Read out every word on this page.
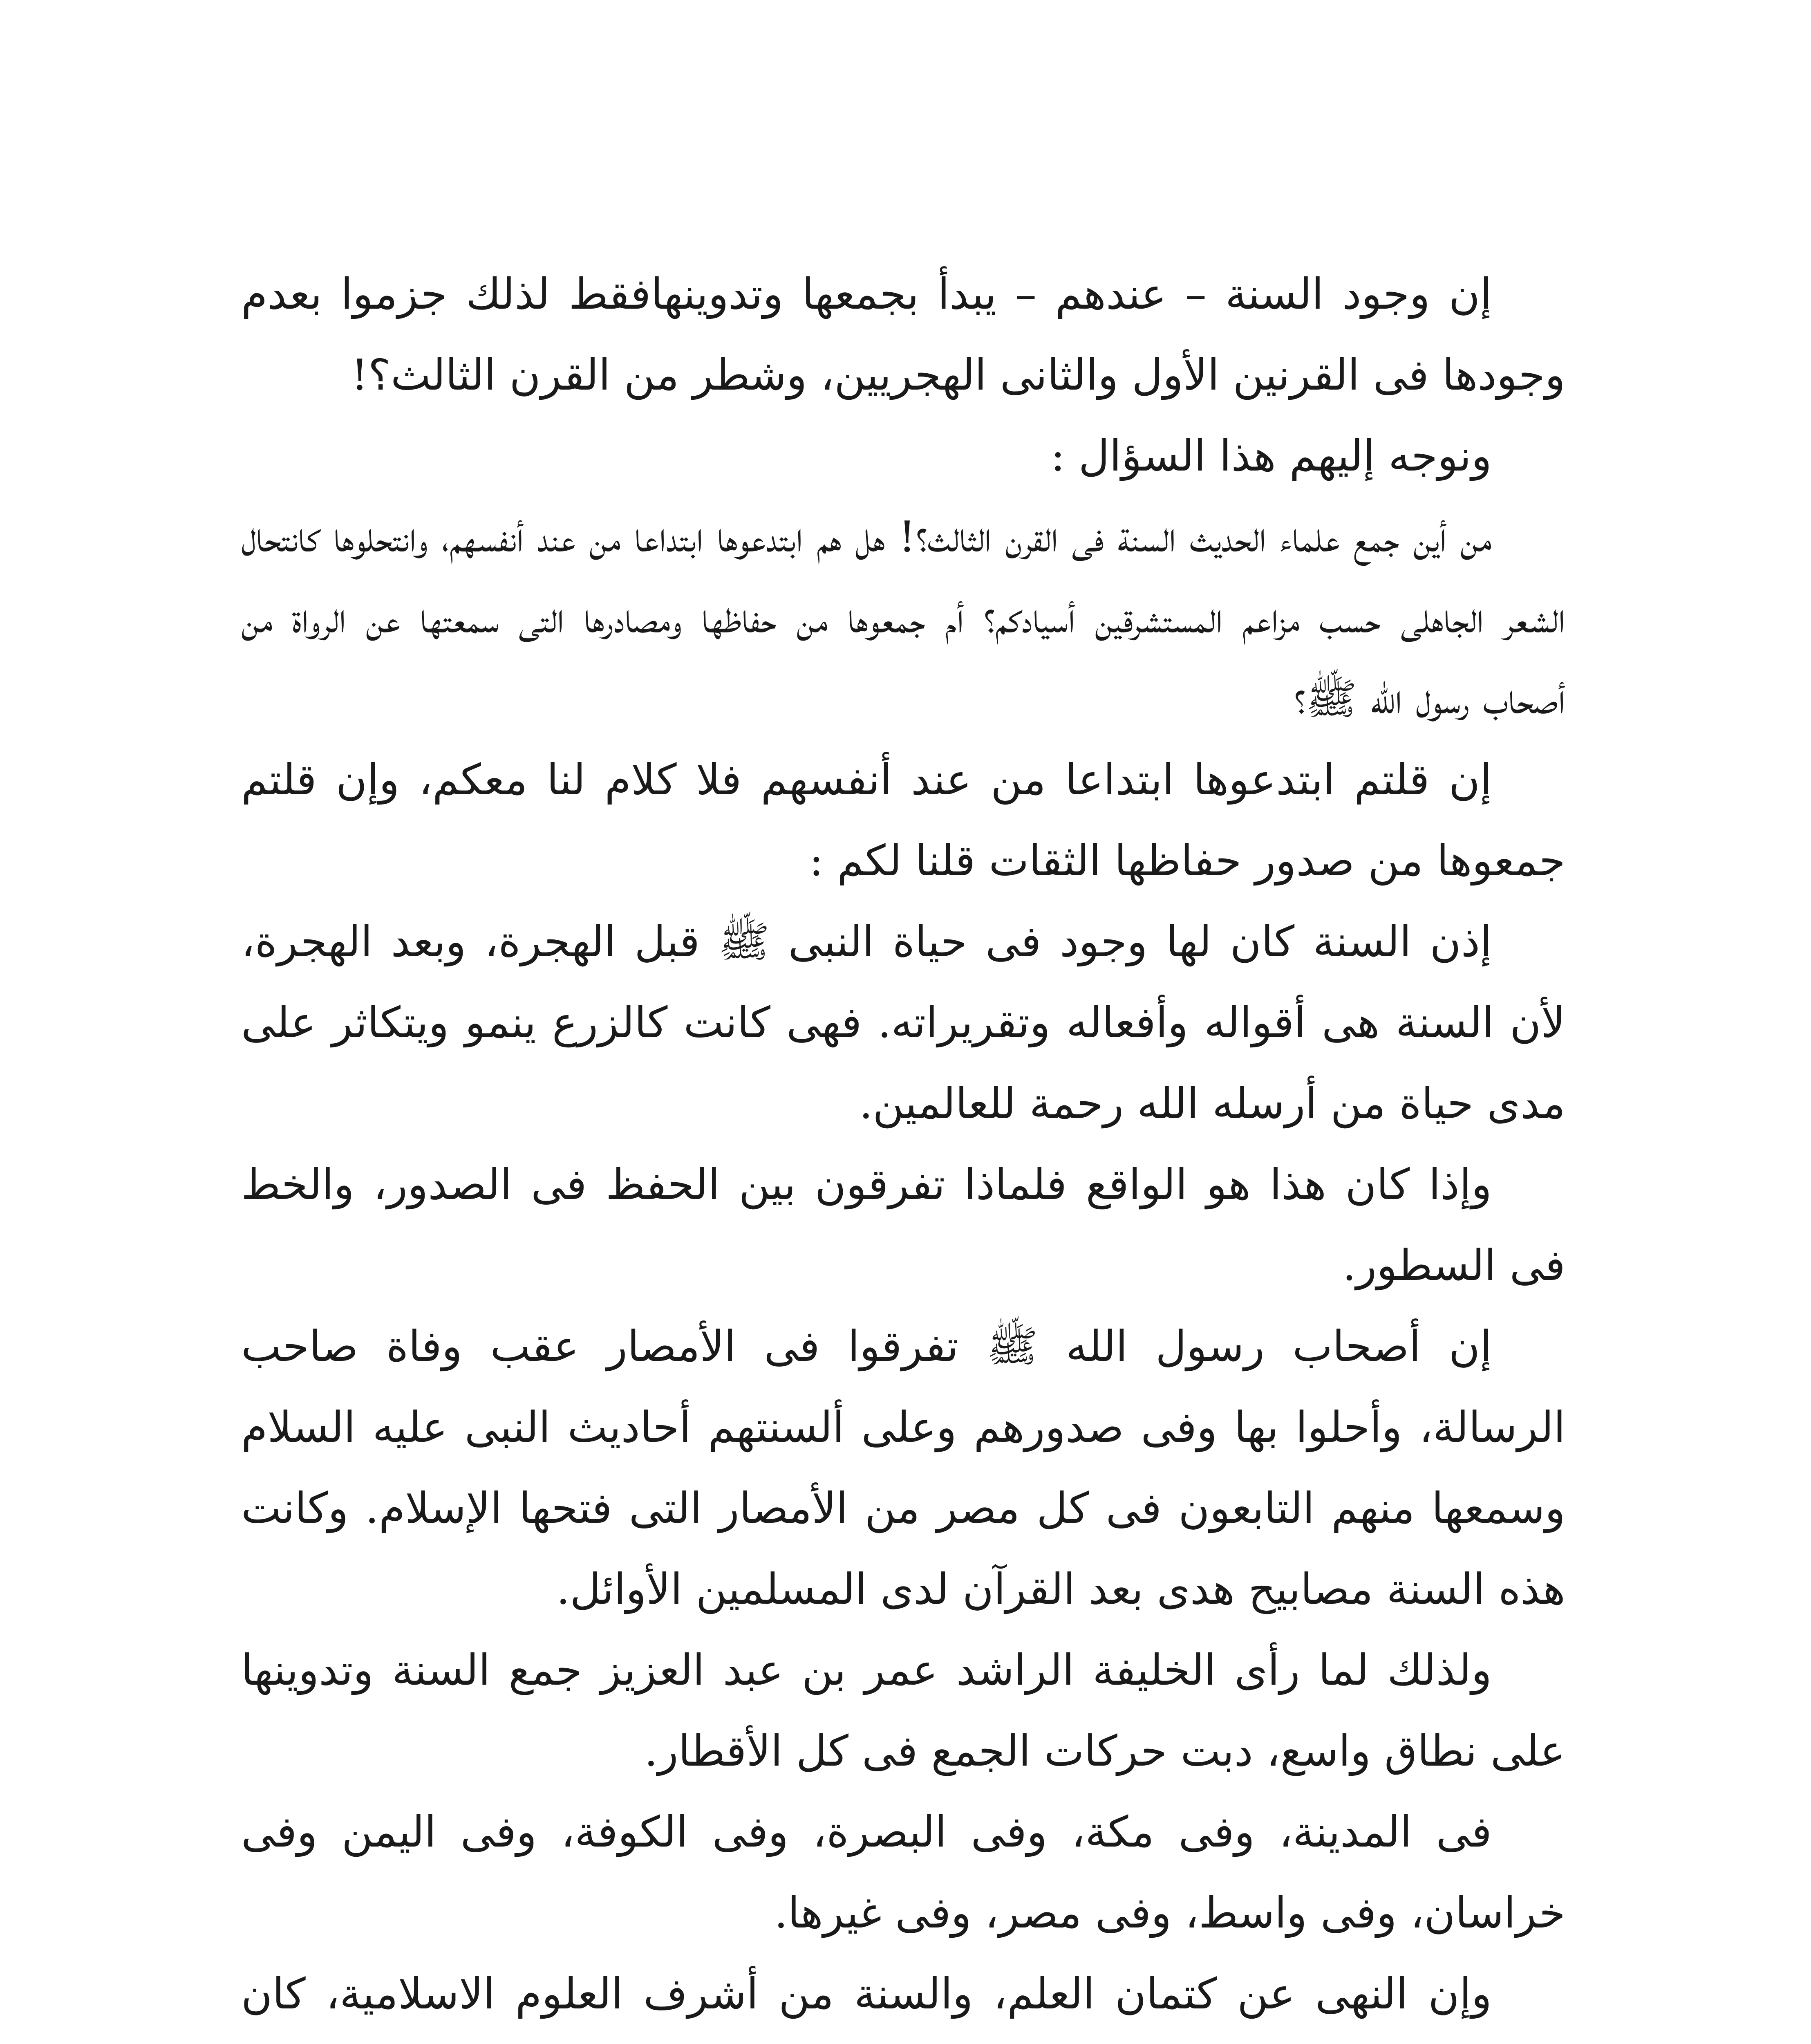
إن وجود السنة – عندهم – يبدأ بجمعها وتدوينهافقط لذلك جزموا بعدم وجودها فى القرنين الأول والثانى الهجريين، وشطر من القرن الثالث؟!

ونوجه إليهم هذا السؤال :

من أين جمع علماء الحديث السنة فى القرن الثالث؟! هل هم ابتدعوها ابتداعا من عند أنفسهم، وانتحلوها كانتحال الشعر الجاهلى حسب مزاعم المستشرقين أسيادكم؟ أم جمعوها من حفاظها ومصادرها التى سمعتها عن الرواة من أصحاب رسول الله ﷺ؟

إن قلتم ابتدعوها ابتداعا من عند أنفسهم فلا كلام لنا معكم، وإن قلتم جمعوها من صدور حفاظها الثقات قلنا لكم :

إذن السنة كان لها وجود فى حياة النبى ﷺ قبل الهجرة، وبعد الهجرة، لأن السنة هى أقواله وأفعاله وتقريراته. فهى كانت كالزرع ينمو ويتكاثر على مدى حياة من أرسله الله رحمة للعالمين.

وإذا كان هذا هو الواقع فلماذا تفرقون بين الحفظ فى الصدور، والخط فى السطور.

إن أصحاب رسول الله ﷺ تفرقوا فى الأمصار عقب وفاة صاحب الرسالة، وأحلوا بها وفى صدورهم وعلى ألسنتهم أحاديث النبى عليه السلام وسمعها منهم التابعون فى كل مصر من الأمصار التى فتحها الإسلام. وكانت هذه السنة مصابيح هدى بعد القرآن لدى المسلمين الأوائل.

ولذلك لما رأى الخليفة الراشد عمر بن عبد العزيز جمع السنة وتدوينها على نطاق واسع، دبت حركات الجمع فى كل الأقطار.

فى المدينة، وفى مكة، وفى البصرة، وفى الكوفة، وفى اليمن وفى خراسان، وفى واسط، وفى مصر، وفى غيرها.

وإن النهى عن كتمان العلم، والسنة من أشرف العلوم الاسلامية، كان
